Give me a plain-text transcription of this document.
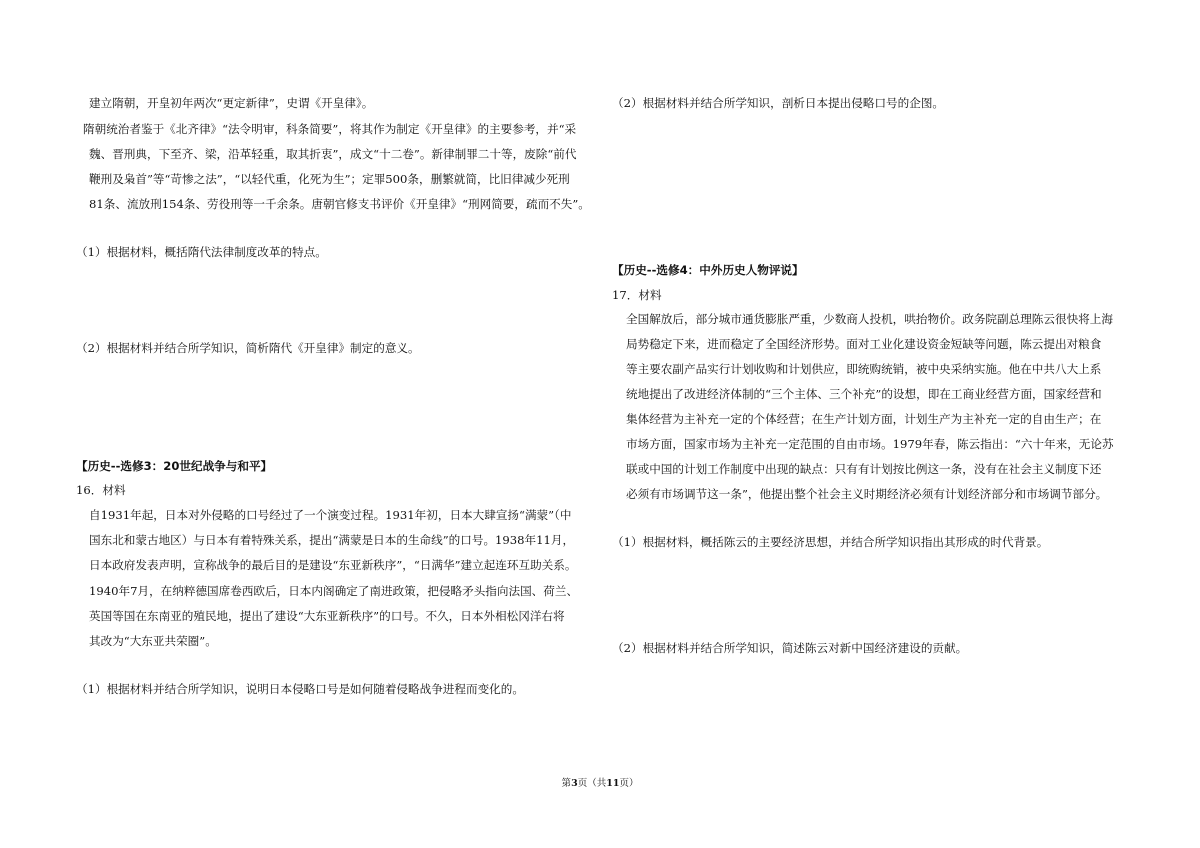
建立隋朝，开皇初年两次“更定新律”，史谓《开皇律》。
隋朝统治者鉴于《北齐律》“法令明审，科条简要”，将其作为制定《开皇律》的主要参考，并“采
魏、晋刑典，下至齐、梁，沿革轻重，取其折衷”，成文“十二卷”。新律制罪二十等，废除“前代
鞭刑及枭首”等“苛惨之法”，“以轻代重，化死为生”；定罪500条，删繁就简，比旧律减少死刑
81条、流放刑154条、劳役刑等一千余条。唐朝官修支书评价《开皇律》“刑网简要，疏而不失”。
（1）根据材料，概括隋代法律制度改革的特点。
（2）根据材料并结合所学知识，简析隋代《开皇律》制定的意义。
【历史--选修3：20世纪战争与和平】
16．材料
自1931年起，日本对外侵略的口号经过了一个演变过程。1931年初，日本大肆宣扬“满蒙”（中
国东北和蒙古地区）与日本有着特殊关系，提出“满蒙是日本的生命线”的口号。1938年11月，
日本政府发表声明，宣称战争的最后目的是建设“东亚新秩序”，“日满华”建立起连环互助关系。
1940年7月，在纳粹德国席卷西欧后，日本内阁确定了南进政策，把侵略矛头指向法国、荷兰、
英国等国在东南亚的殖民地，提出了建设“大东亚新秩序”的口号。不久，日本外相松冈洋右将
其改为“大东亚共荣圈”。
（1）根据材料并结合所学知识，说明日本侵略口号是如何随着侵略战争进程而变化的。
（2）根据材料并结合所学知识，剖析日本提出侵略口号的企图。
【历史--选修4：中外历史人物评说】
17．材料
全国解放后，部分城市通货膨胀严重，少数商人投机，哄抬物价。政务院副总理陈云很快将上海
局势稳定下来，进而稳定了全国经济形势。面对工业化建设资金短缺等问题，陈云提出对粮食
等主要农副产品实行计划收购和计划供应，即统购统销，被中央采纳实施。他在中共八大上系
统地提出了改进经济体制的“三个主体、三个补充”的设想，即在工商业经营方面，国家经营和
集体经营为主补充一定的个体经营；在生产计划方面，计划生产为主补充一定的自由生产；在
市场方面，国家市场为主补充一定范围的自由市场。1979年春，陈云指出：“六十年来，无论苏
联或中国的计划工作制度中出现的缺点：只有有计划按比例这一条，没有在社会主义制度下还
必须有市场调节这一条”，他提出整个社会主义时期经济必须有计划经济部分和市场调节部分。
（1）根据材料，概括陈云的主要经济思想，并结合所学知识指出其形成的时代背景。
（2）根据材料并结合所学知识，简述陈云对新中国经济建设的贡献。
第3页（共11页）
